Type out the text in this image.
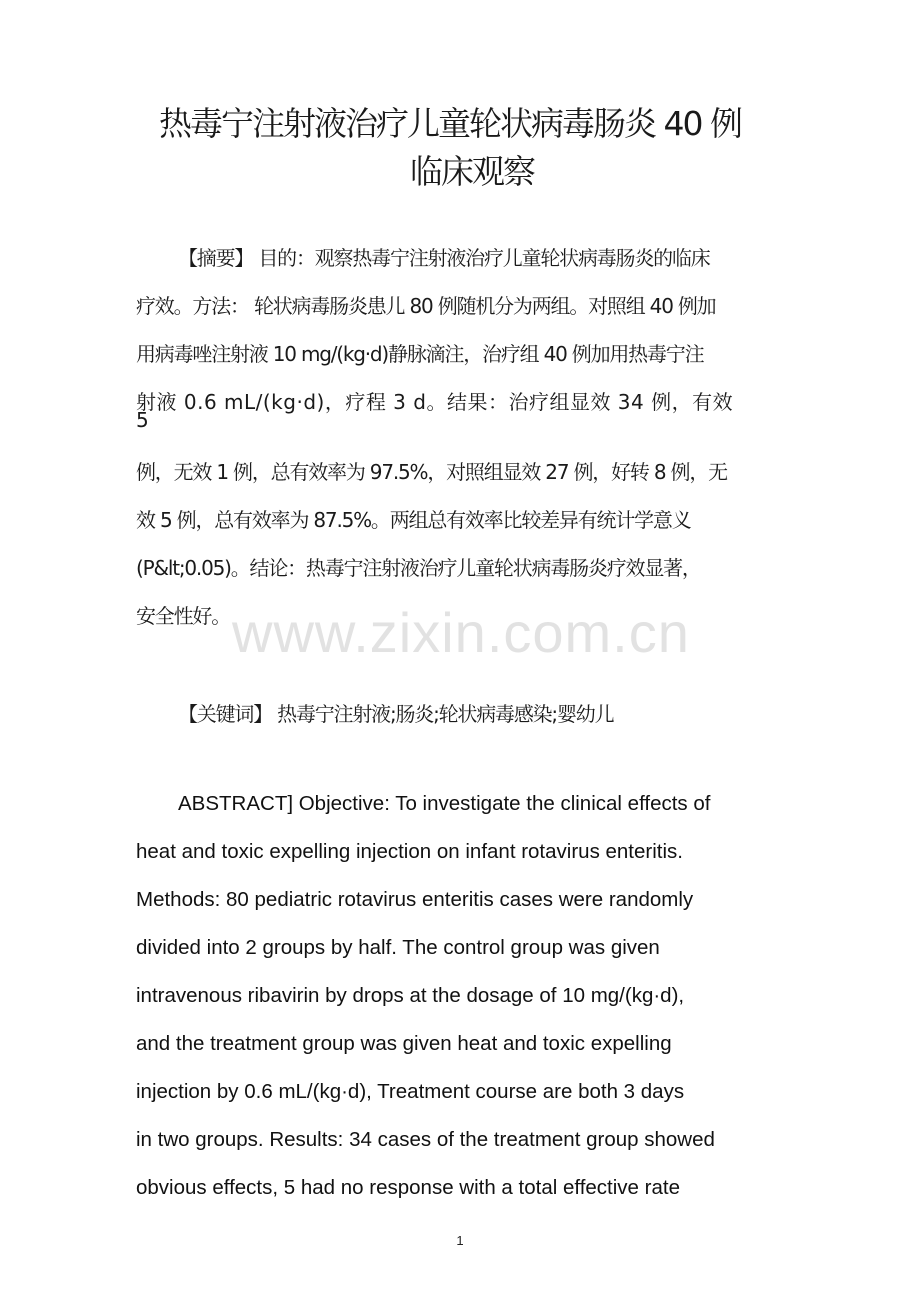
热毒宁注射液治疗儿童轮状病毒肠炎 40 例
临床观察
【摘要】 目的：观察热毒宁注射液治疗儿童轮状病毒肠炎的临床
疗效。方法： 轮状病毒肠炎患儿 80 例随机分为两组。对照组 40 例加
用病毒唑注射液 10 mg/(kg·d)静脉滴注，治疗组 40 例加用热毒宁注
射液 0.6 mL/(kg·d)，疗程 3 d。结果：治疗组显效 34 例，有效
5
例，无效 1 例，总有效率为 97.5%，对照组显效 27 例，好转 8 例，无
效 5 例，总有效率为 87.5%。两组总有效率比较差异有统计学意义
(P&lt;0.05)。结论：热毒宁注射液治疗儿童轮状病毒肠炎疗效显著，
安全性好。 www.zixin.com.cn
【关键词】 热毒宁注射液;肠炎;轮状病毒感染;婴幼儿
ABSTRACT] Objective: To investigate the clinical effects of
heat and toxic expelling injection on infant rotavirus enteritis.
Methods: 80 pediatric rotavirus enteritis cases were randomly
divided into 2 groups by half. The control group was given
intravenous ribavirin by drops at the dosage of 10 mg/(kg·d),
and the treatment group was given heat and toxic expelling
injection by 0.6 mL/(kg·d), Treatment course are both 3 days
in two groups. Results: 34 cases of the treatment group showed
obvious effects, 5 had no response with a total effective rate
1
